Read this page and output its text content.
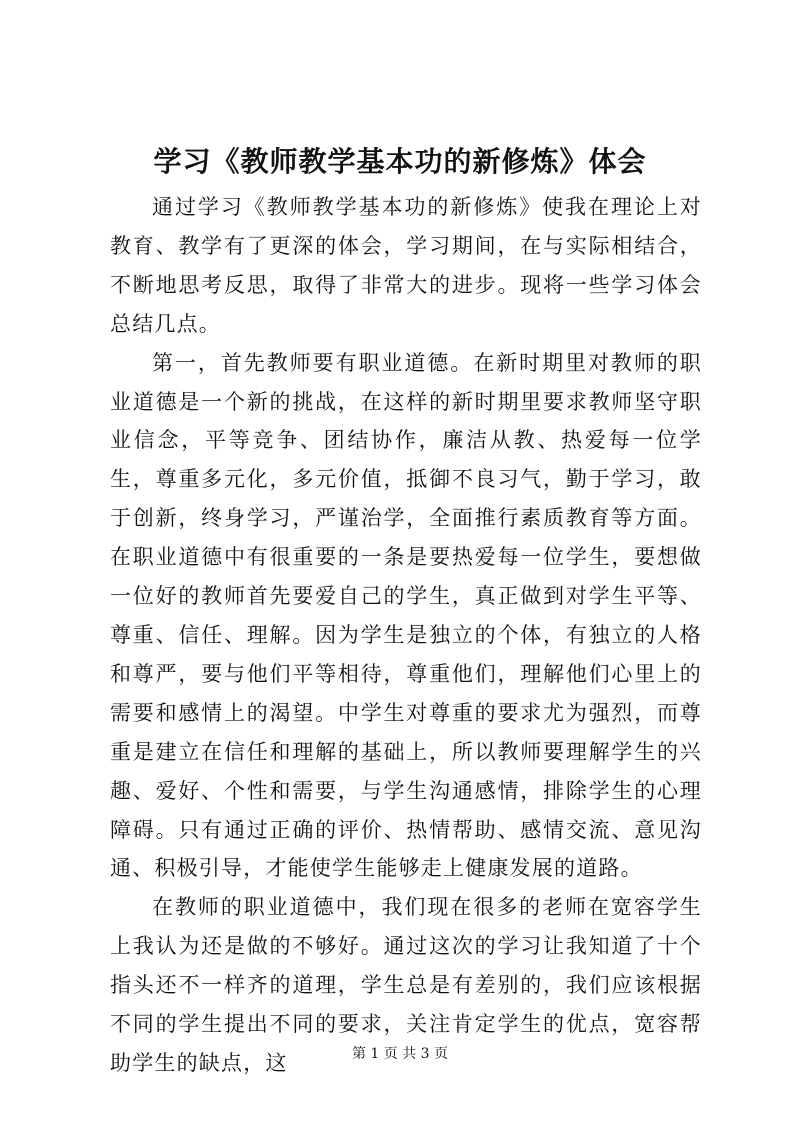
学习《教师教学基本功的新修炼》体会

通过学习《教师教学基本功的新修炼》使我在理论上对教育、教学有了更深的体会，学习期间，在与实际相结合，不断地思考反思，取得了非常大的进步。现将一些学习体会总结几点。

第一，首先教师要有职业道德。在新时期里对教师的职业道德是一个新的挑战，在这样的新时期里要求教师坚守职业信念，平等竞争、团结协作，廉洁从教、热爱每一位学生，尊重多元化，多元价值，抵御不良习气，勤于学习，敢于创新，终身学习，严谨治学，全面推行素质教育等方面。在职业道德中有很重要的一条是要热爱每一位学生，要想做一位好的教师首先要爱自己的学生，真正做到对学生平等、尊重、信任、理解。因为学生是独立的个体，有独立的人格和尊严，要与他们平等相待，尊重他们，理解他们心里上的需要和感情上的渴望。中学生对尊重的要求尤为强烈，而尊重是建立在信任和理解的基础上，所以教师要理解学生的兴趣、爱好、个性和需要，与学生沟通感情，排除学生的心理障碍。只有通过正确的评价、热情帮助、感情交流、意见沟通、积极引导，才能使学生能够走上健康发展的道路。

在教师的职业道德中，我们现在很多的老师在宽容学生上我认为还是做的不够好。通过这次的学习让我知道了十个指头还不一样齐的道理，学生总是有差别的，我们应该根据不同的学生提出不同的要求，关注肯定学生的优点，宽容帮助学生的缺点，这	第 1 页 共 3 页
